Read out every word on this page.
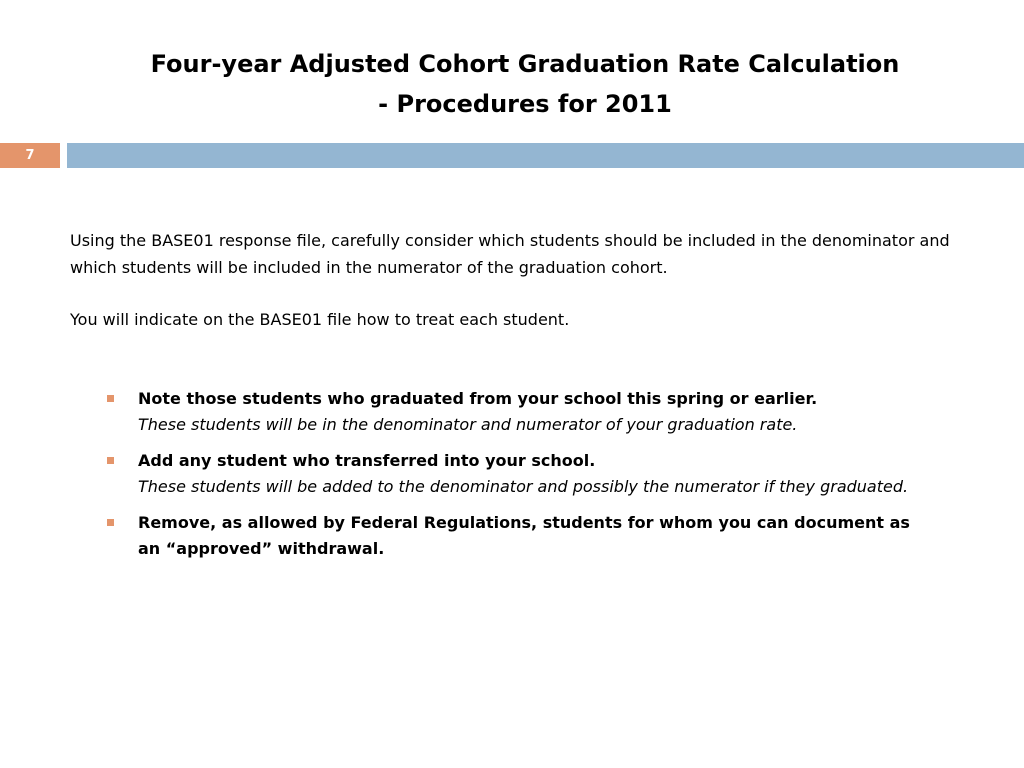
Four-year Adjusted Cohort Graduation Rate Calculation
- Procedures for 2011
7

Using the BASE01 response file, carefully consider which students should be included in the denominator and which students will be included in the numerator of the graduation cohort.

You will indicate on the BASE01 file how to treat each student.

Note those students who graduated from your school this spring or earlier.
These students will be in the denominator and numerator of your graduation rate.
Add any student who transferred into your school.
These students will be added to the denominator and possibly the numerator if they graduated.
Remove, as allowed by Federal Regulations, students for whom you can document as an “approved” withdrawal.
